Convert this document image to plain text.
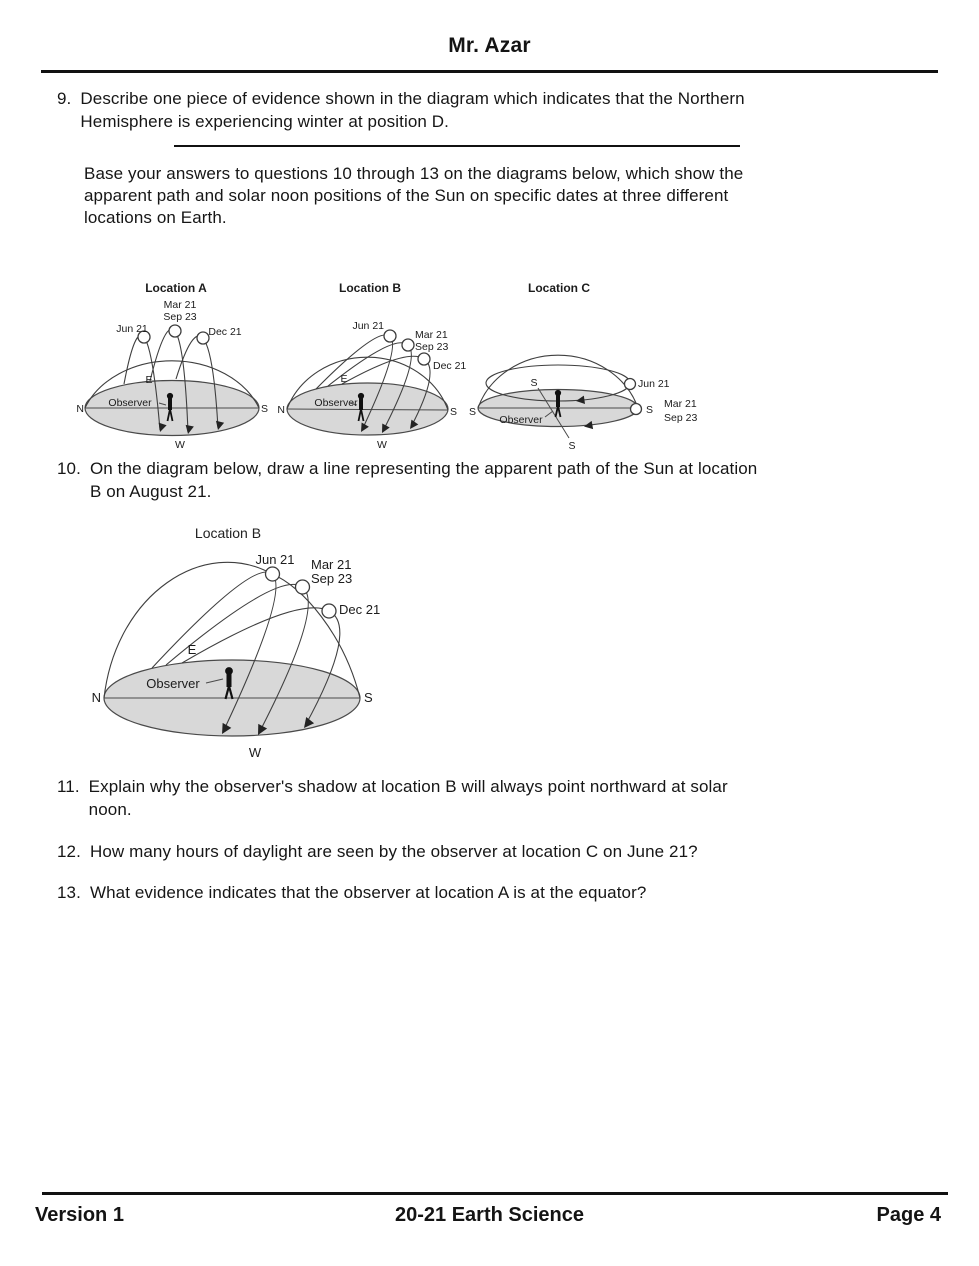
Mr. Azar
9. Describe one piece of evidence shown in the diagram which indicates that the Northern
Hemisphere is experiencing winter at position D.
Base your answers to questions 10 through 13 on the diagrams below, which show the
apparent path and solar noon positions of the Sun on specific dates at three different
locations on Earth.
Location A
Mar 21
Sep 23
Jun 21	Dec 21
E
N	S
W
Observer
Location B
Jun 21
Mar 21
Sep 23
Dec 21
E
N	S
W
Observer
Location C
Jun 21
S Mar 21
Sep 23
S
S
S
Observer
10. On the diagram below, draw a line representing the apparent path of the Sun at location
B on August 21.
Location B
Jun 21 Mar 21
Sep 23
Dec 21
E
N	S
W
Observer
11. Explain why the observer's shadow at location B will always point northward at solar
noon.
12. How many hours of daylight are seen by the observer at location C on June 21?
13. What evidence indicates that the observer at location A is at the equator?
Version 1	20-21 Earth Science	Page 4
